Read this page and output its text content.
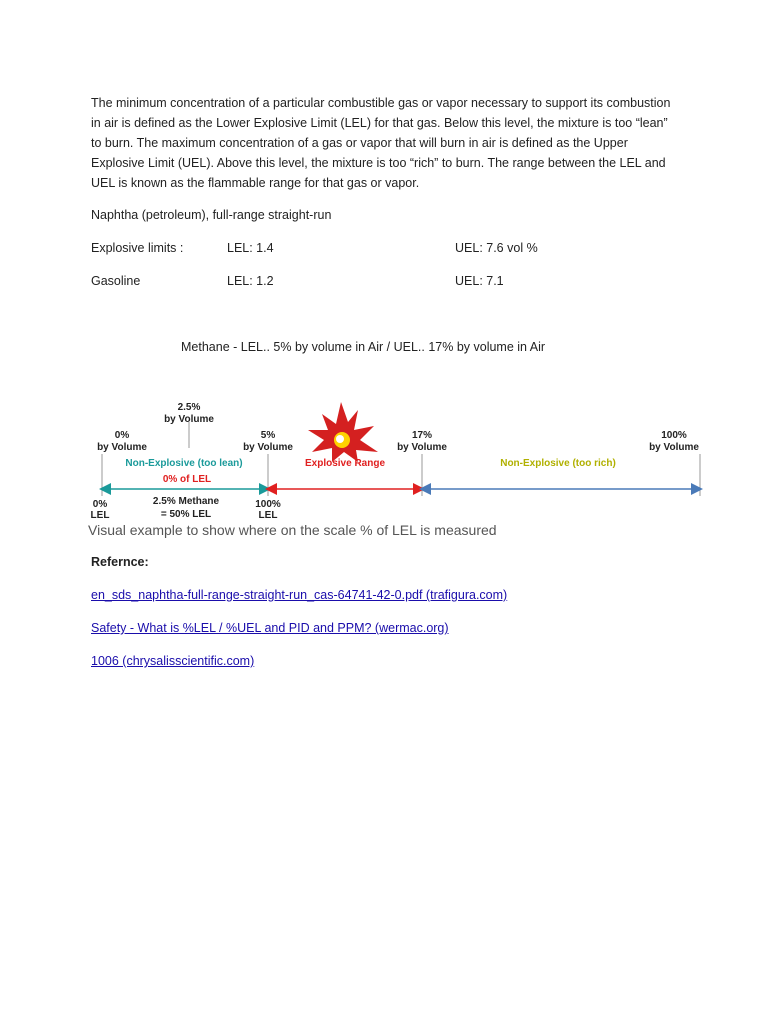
The minimum concentration of a particular combustible gas or vapor necessary to support its combustion in air is defined as the Lower Explosive Limit (LEL) for that gas. Below this level, the mixture is too “lean” to burn. The maximum concentration of a gas or vapor that will burn in air is defined as the Upper Explosive Limit (UEL). Above this level, the mixture is too “rich” to burn. The range between the LEL and UEL is known as the flammable range for that gas or vapor.

Naphtha (petroleum), full-range straight-run
Explosive limits :	LEL: 1.4	UEL: 7.6 vol %
Gasoline	LEL: 1.2	UEL: 7.1
Methane - LEL.. 5% by volume in Air / UEL.. 17% by volume in Air
0%
by Volume
2.5%
by Volume
5%
by Volume
17%
by Volume
100%
by Volume
Non-Explosive (too lean)	Explosive Range	Non-Explosive (too rich)
0% of LEL
0%
LEL
2.5% Methane
= 50% LEL
100%
LEL
Visual example to show where on the scale % of LEL is measured
Refernce:
en_sds_naphtha-full-range-straight-run_cas-64741-42-0.pdf (trafigura.com)
Safety - What is %LEL / %UEL and PID and PPM? (wermac.org)
1006 (chrysalisscientific.com)
